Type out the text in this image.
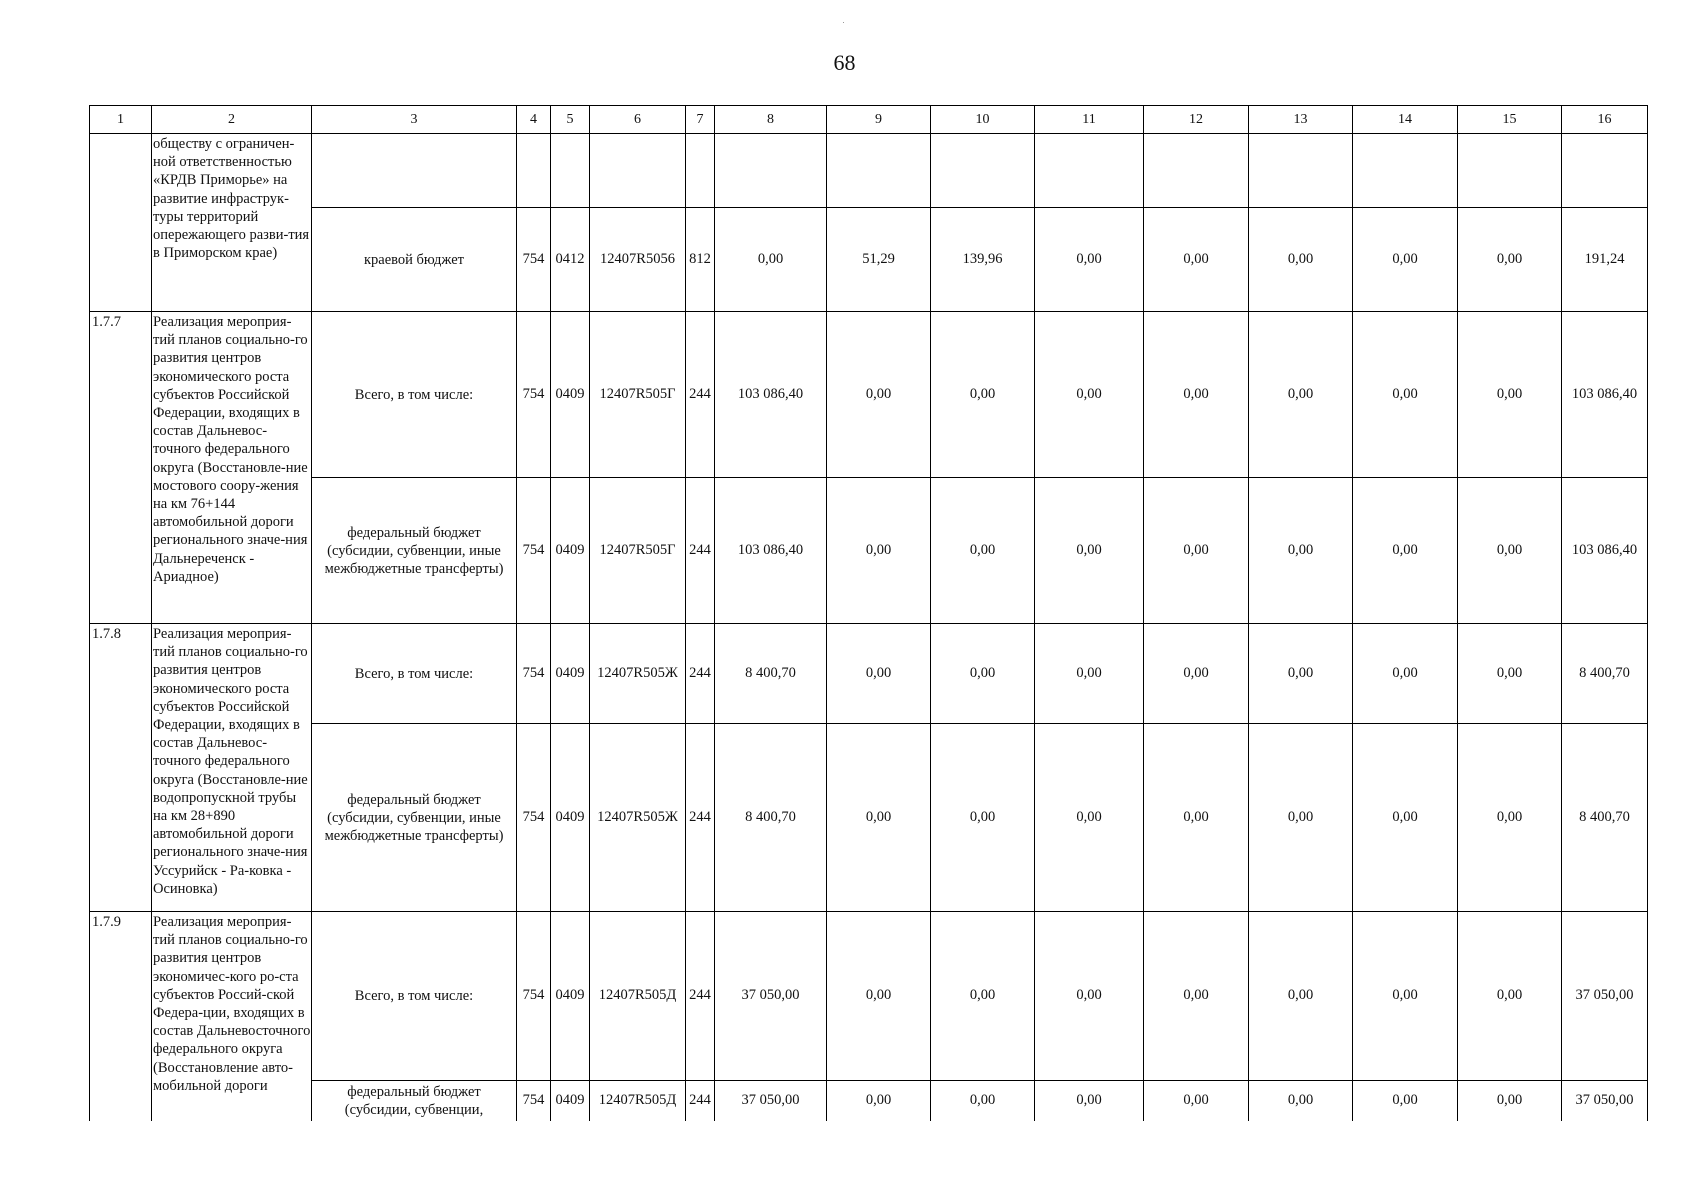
68
1	2	3	4	5	6	7	8	9	10	11	12	13	14	15	16
	обществу с ограничен-ной ответственностью «КРДВ Приморье» на развитие инфраструк-туры территорий опережающего разви-тия в Приморском крае)														
		краевой бюджет	754	0412	12407R5056	812	0,00	51,29	139,96	0,00	0,00	0,00	0,00	0,00	191,24
1.7.7	Реализация мероприя-тий планов социально-го развития центров экономического роста субъектов Российской Федерации, входящих в состав Дальневос-точного федерального округа (Восстановле-ние мостового соору-жения на км 76+144 автомобильной дороги регионального значе-ния Дальнереченск - Ариадное)	Всего, в том числе:	754	0409	12407R505Г	244	103 086,40	0,00	0,00	0,00	0,00	0,00	0,00	0,00	103 086,40
		федеральный бюджет (субсидии, субвенции, иные межбюджетные трансферты)	754	0409	12407R505Г	244	103 086,40	0,00	0,00	0,00	0,00	0,00	0,00	0,00	103 086,40
1.7.8	Реализация мероприя-тий планов социально-го развития центров экономического роста субъектов Российской Федерации, входящих в состав Дальневос-точного федерального округа (Восстановле-ние водопропускной трубы на км 28+890 автомобильной дороги регионального значе-ния Уссурийск - Ра-ковка - Осиновка)	Всего, в том числе:	754	0409	12407R505Ж	244	8 400,70	0,00	0,00	0,00	0,00	0,00	0,00	0,00	8 400,70
		федеральный бюджет (субсидии, субвенции, иные межбюджетные трансферты)	754	0409	12407R505Ж	244	8 400,70	0,00	0,00	0,00	0,00	0,00	0,00	0,00	8 400,70
1.7.9	Реализация мероприя-тий планов социально-го развития центров экономичес-кого ро-ста субъектов Россий-ской Федера-ции, входящих в состав Дальневосточного федерального округа (Восстановление авто-мобильной дороги	Всего, в том числе:	754	0409	12407R505Д	244	37 050,00	0,00	0,00	0,00	0,00	0,00	0,00	0,00	37 050,00
		федеральный бюджет (субсидии, субвенции,	754	0409	12407R505Д	244	37 050,00	0,00	0,00	0,00	0,00	0,00	0,00	0,00	37 050,00
